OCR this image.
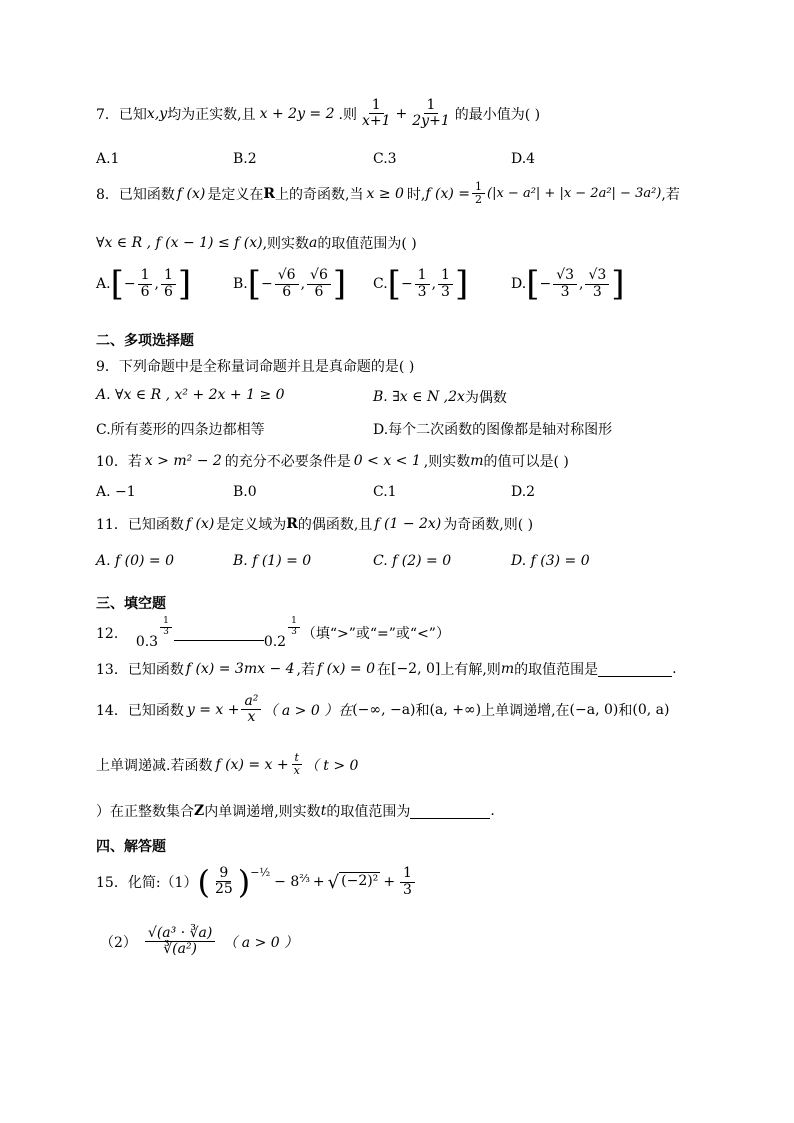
7． 已知 x,y 均为正实数,且 x + 2y = 2 .则 $\frac{1}{x+1} + \frac{1}{2y+1}$ 的最小值为( )
A.1	B.2	C.3	D.4
8． 已知函数 f (x) 是定义在 R 上的奇函数,当 x ≥ 0 时, f $(x) = \frac{1}{2} (|x - a^2| + |x - 2a^2| - 3a^2)$ ,若
∀x ∈ R , f (x − 1) ≤ f (x) ,则实数 a 的取值范围为( )
A. [ − $\frac{1}{6}$ , $\frac{1}{6}$ ]	B. [ − $\frac{√6}{6}$ , $\frac{√6}{6}$ ] C. [ − $\frac{1}{3}$ , $\frac{1}{3}$ ]	D. [ − $\frac{√3}{3}$ , $\frac{√3}{3}$ ]
二、多项选择题
9．下列命题中是全称量词命题并且是真命题的是( )
A. ∀x ∈ R , x² + 2x + 1 ≥ 0	B. ∃x ∈ N , 2x 为偶数
C.所有菱形的四条边都相等	D.每个二次函数的图像都是轴对称图形
10．若 x > m² − 2 的充分不必要条件是 0 < x < 1 ,则实数 m 的值可以是( )
A. −1	B.0	C.1	D.2
11．已知函数 f (x) 是定义域为 R 的偶函数,且 f (1 − 2x) 为奇函数,则( )
A. f (0) = 0	B. f (1) = 0	C. f (2) = 0	D. f (3) = 0
三、填空题
12． 0.3
$\frac{1}{3}$
0.2
$\frac{1}{3}$ （填“>”或“=”或“<”）
13．已知函数 f (x) = 3mx − 4 ,若 f (x) = 0 在 [−2, 0] 上有解,则 m 的取值范围是	.
14．已知函数 $y = x + \frac{\text{a²}}{x}$ （ a > 0 ）在 (−∞, −a) 和 (a, +∞) 上单调递增,在 (−a, 0) 和 (0, a)
上单调递减.若函数 f $(x) = x + \frac{t}{x}$ （ t > 0
）在正整数集合 Z 内单调递增,则实数 t 的取值范围为	.
四、解答题
15．化简:（1） ( $\frac{9}{25}$ ) −½
− 8 ⅔ + √ $(-2)^2 + \frac{1}{3}$
$(2) \frac{\text{√(a³ · ∛a)}}{\text{∛(a²)}}$ （ a > 0 ）
